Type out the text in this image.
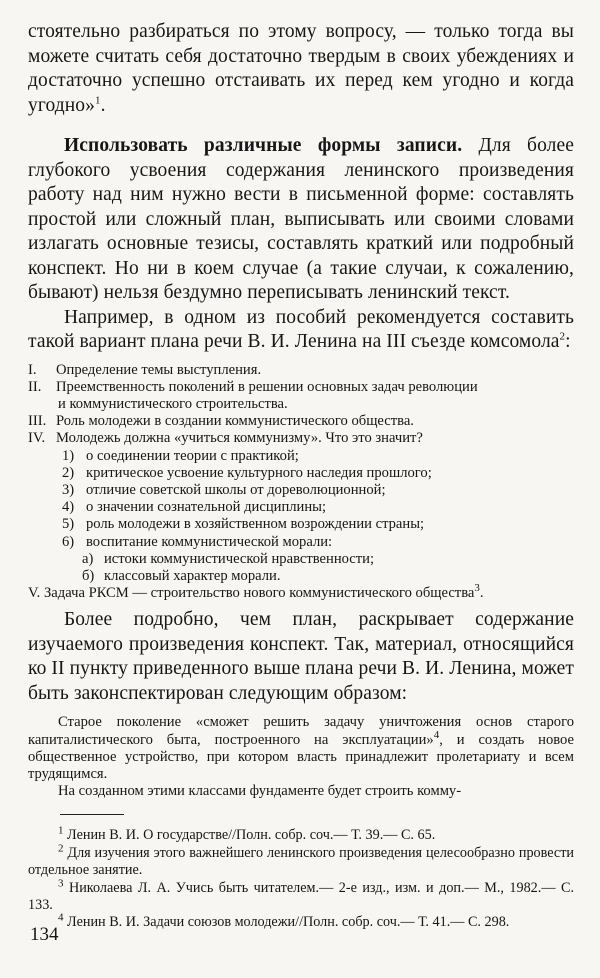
стоятельно разбираться по этому вопросу, — только тогда вы можете считать себя достаточно твердым в своих убеждениях и достаточно успешно отстаивать их перед кем угодно и когда угодно»$^1$.

Использовать различные формы записи. Для более глубокого усвоения содержания ленинского произведения работу над ним нужно вести в письменной форме: составлять простой или сложный план, выписывать или своими словами излагать основные тезисы, составлять краткий или подробный конспект. Но ни в коем случае (а такие случаи, к сожалению, бывают) нельзя бездумно переписывать ленинский текст.

Например, в одном из пособий рекомендуется составить такой вариант плана речи В. И. Ленина на III съезде комсомола$^2$:

I.	Определение темы выступления.
II.	Преемственность поколений в решении основных задач революции
и коммунистического строительства.
III. Роль молодежи в создании коммунистического общества.
IV. Молодежь должна «учиться коммунизму». Что это значит?
1) о соединении теории с практикой;
2) критическое усвоение культурного наследия прошлого;
3) отличие советской школы от дореволюционной;
4) о значении сознательной дисциплины;
5) роль молодежи в хозяйственном возрождении страны;
6) воспитание коммунистической морали:
а) истоки коммунистической нравственности;
б) классовый характер морали.
V. Задача РКСМ — строительство нового коммунистического общества$^3$.

Более подробно, чем план, раскрывает содержание изучаемого произведения конспект. Так, материал, относящийся ко II пункту приведенного выше плана речи В. И. Ленина, может быть законспектирован следующим образом:

Старое поколение «сможет решить задачу уничтожения основ старого капиталистического быта, построенного на эксплуатации»$^4$, и создать новое общественное устройство, при котором власть принадлежит пролетариату и всем трудящимся.

На созданном этими классами фундаменте будет строить комму-

$^1$ Ленин В. И. О государстве//Полн. собр. соч.— Т. 39.— С. 65.

$^2$ Для изучения этого важнейшего ленинского произведения целесообразно провести отдельное занятие.

$^3$ Николаева Л. А. Учись быть читателем.— 2-е изд., изм. и доп.— М., 1982.— С. 133.

$^4$ Ленин В. И. Задачи союзов молодежи//Полн. собр. соч.— Т. 41.— С. 298.

134
